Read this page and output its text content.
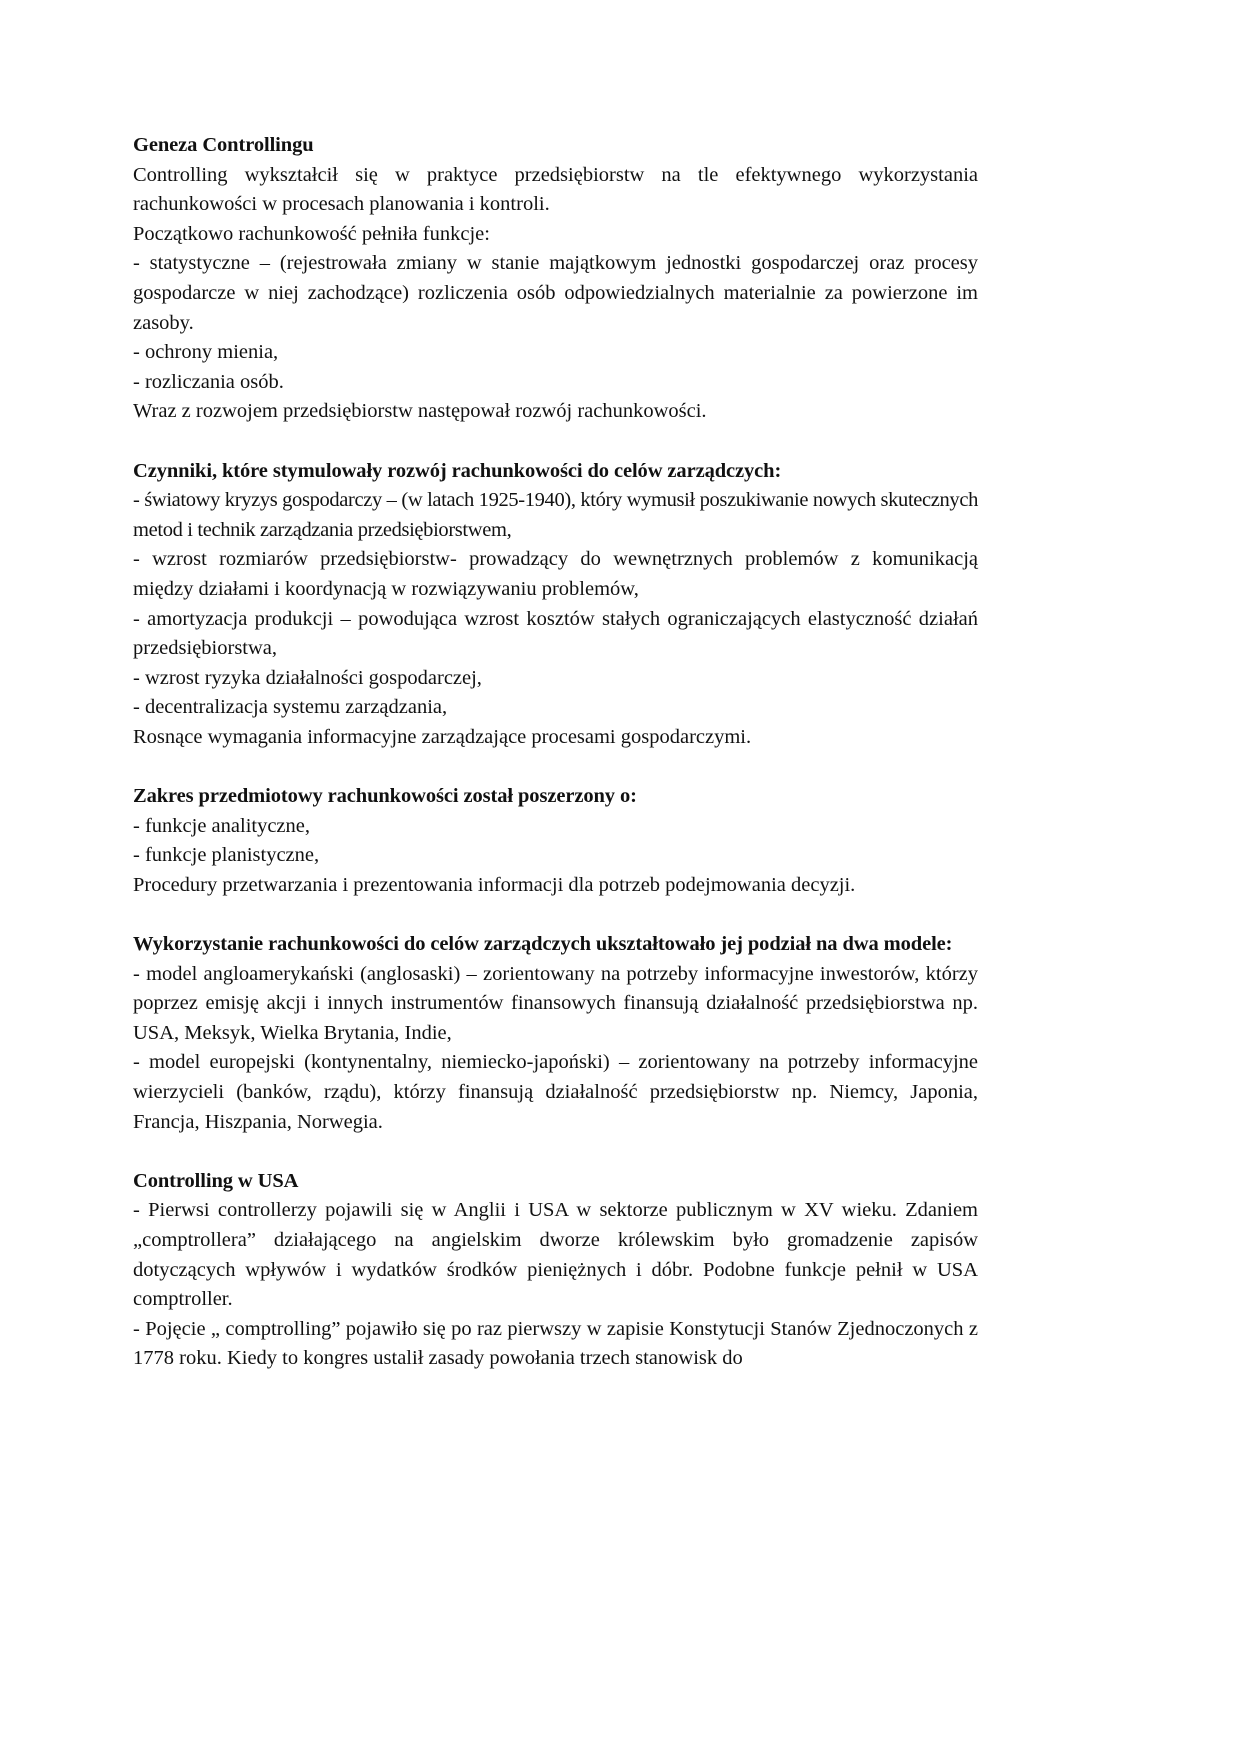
Geneza Controllingu

Controlling wykształcił się w praktyce przedsiębiorstw na tle efektywnego wykorzystania rachunkowości w procesach planowania i kontroli.

Początkowo rachunkowość pełniła funkcje:

- statystyczne – (rejestrowała zmiany w stanie majątkowym jednostki gospodarczej oraz procesy gospodarcze w niej zachodzące) rozliczenia osób odpowiedzialnych materialnie za powierzone im zasoby.

- ochrony mienia,

- rozliczania osób.

Wraz z rozwojem przedsiębiorstw następował rozwój rachunkowości.

Czynniki, które stymulowały rozwój rachunkowości do celów zarządczych:

- światowy kryzys gospodarczy – (w latach 1925-1940), który wymusił poszukiwanie nowych skutecznych metod i technik zarządzania przedsiębiorstwem,

- wzrost rozmiarów przedsiębiorstw- prowadzący do wewnętrznych problemów z komunikacją między działami i koordynacją w rozwiązywaniu problemów,

- amortyzacja produkcji – powodująca wzrost kosztów stałych ograniczających elastyczność działań przedsiębiorstwa,

- wzrost ryzyka działalności gospodarczej,

- decentralizacja systemu zarządzania,

Rosnące wymagania informacyjne zarządzające procesami gospodarczymi.

Zakres przedmiotowy rachunkowości został poszerzony o:

- funkcje analityczne,

- funkcje planistyczne,

Procedury przetwarzania i prezentowania informacji dla potrzeb podejmowania decyzji.

Wykorzystanie rachunkowości do celów zarządczych ukształtowało jej podział na dwa modele:

- model angloamerykański (anglosaski) – zorientowany na potrzeby informacyjne inwestorów, którzy poprzez emisję akcji i innych instrumentów finansowych finansują działalność przedsiębiorstwa np. USA, Meksyk, Wielka Brytania, Indie,

- model europejski (kontynentalny, niemiecko-japoński) – zorientowany na potrzeby informacyjne wierzycieli (banków, rządu), którzy finansują działalność przedsiębiorstw np. Niemcy, Japonia, Francja, Hiszpania, Norwegia.

Controlling w USA

- Pierwsi controllerzy pojawili się w Anglii i USA w sektorze publicznym w XV wieku. Zdaniem „comptrollera” działającego na angielskim dworze królewskim było gromadzenie zapisów dotyczących wpływów i wydatków środków pieniężnych i dóbr. Podobne funkcje pełnił w USA comptroller.

- Pojęcie „ comptrolling” pojawiło się po raz pierwszy w zapisie Konstytucji Stanów Zjednoczonych z 1778 roku. Kiedy to kongres ustalił zasady powołania trzech stanowisk do
